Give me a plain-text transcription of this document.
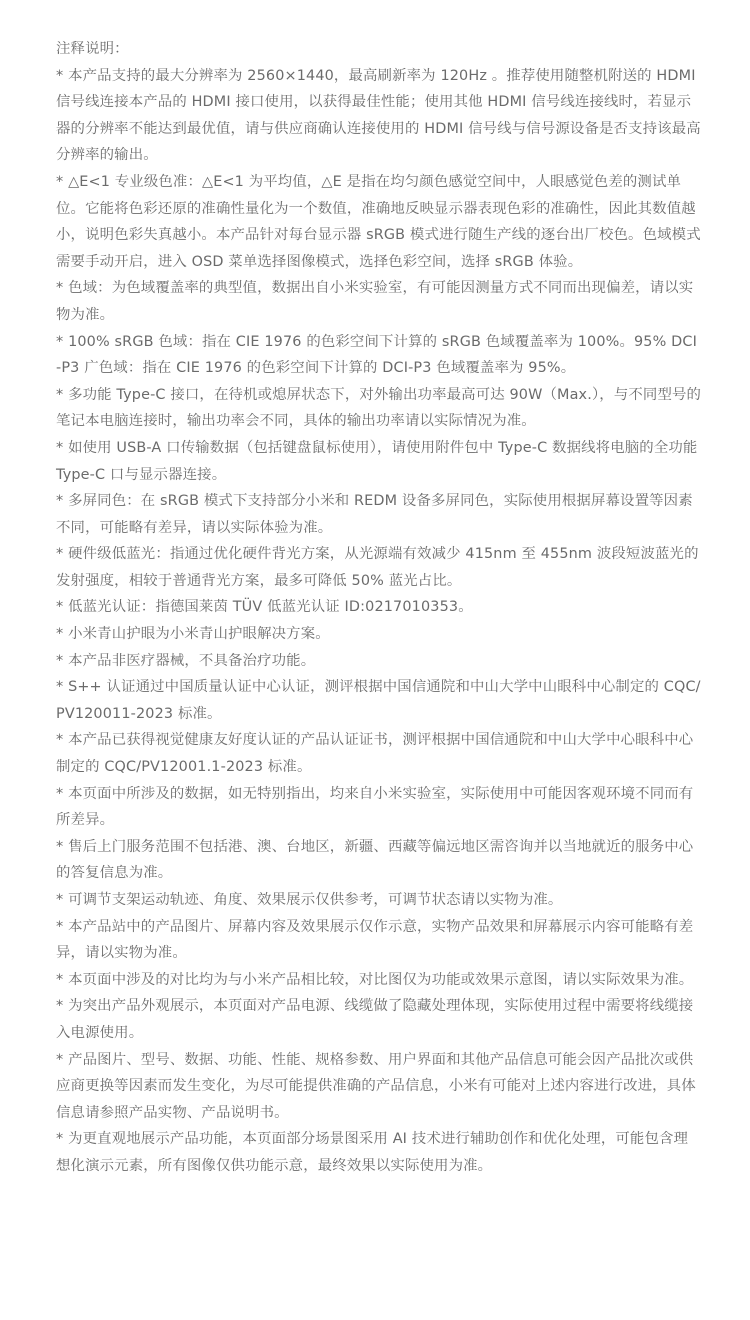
注释说明：

* 本产品支持的最大分辨率为 2560×1440，最高刷新率为 120Hz 。推荐使用随整机附送的 HDMI 信号线连接本产品的 HDMI 接口使用，以获得最佳性能；使用其他 HDMI 信号线连接线时，若显示器的分辨率不能达到最优值，请与供应商确认连接使用的 HDMI 信号线与信号源设备是否支持该最高分辨率的输出。

* △E<1 专业级色准：△E<1 为平均值，△E 是指在均匀颜色感觉空间中，人眼感觉色差的测试单位。它能将色彩还原的准确性量化为一个数值，准确地反映显示器表现色彩的准确性，因此其数值越小，说明色彩失真越小。本产品针对每台显示器 sRGB 模式进行随生产线的逐台出厂校色。色域模式需要手动开启，进入 OSD 菜单选择图像模式，选择色彩空间，选择 sRGB 体验。

* 色域：为色域覆盖率的典型值，数据出自小米实验室，有可能因测量方式不同而出现偏差，请以实物为准。

* 100% sRGB 色域：指在 CIE 1976 的色彩空间下计算的 sRGB 色域覆盖率为 100%。95% DCI-P3 广色域：指在 CIE 1976 的色彩空间下计算的 DCI-P3 色域覆盖率为 95%。

* 多功能 Type-C 接口，在待机或熄屏状态下，对外输出功率最高可达 90W（Max.），与不同型号的笔记本电脑连接时，输出功率会不同，具体的输出功率请以实际情况为准。

* 如使用 USB-A 口传输数据（包括键盘鼠标使用），请使用附件包中 Type-C 数据线将电脑的全功能 Type-C 口与显示器连接。

* 多屏同色：在 sRGB 模式下支持部分小米和 REDM 设备多屏同色，实际使用根据屏幕设置等因素不同，可能略有差异，请以实际体验为准。

* 硬件级低蓝光：指通过优化硬件背光方案，从光源端有效减少 415nm 至 455nm 波段短波蓝光的发射强度，相较于普通背光方案，最多可降低 50% 蓝光占比。

* 低蓝光认证：指德国莱茵 TÜV 低蓝光认证 ID:0217010353。

* 小米青山护眼为小米青山护眼解决方案。

* 本产品非医疗器械，不具备治疗功能。

* S++ 认证通过中国质量认证中心认证，测评根据中国信通院和中山大学中山眼科中心制定的 CQC/PV120011-2023 标准。

* 本产品已获得视觉健康友好度认证的产品认证证书，测评根据中国信通院和中山大学中心眼科中心制定的 CQC/PV12001.1-2023 标准。

* 本页面中所涉及的数据，如无特别指出，均来自小米实验室，实际使用中可能因客观环境不同而有所差异。

* 售后上门服务范围不包括港、澳、台地区，新疆、西藏等偏远地区需咨询并以当地就近的服务中心的答复信息为准。

* 可调节支架运动轨迹、角度、效果展示仅供参考，可调节状态请以实物为准。

* 本产品站中的产品图片、屏幕内容及效果展示仅作示意，实物产品效果和屏幕展示内容可能略有差异，请以实物为准。

* 本页面中涉及的对比均为与小米产品相比较，对比图仅为功能或效果示意图，请以实际效果为准。

* 为突出产品外观展示，本页面对产品电源、线缆做了隐藏处理体现，实际使用过程中需要将线缆接入电源使用。

* 产品图片、型号、数据、功能、性能、规格参数、用户界面和其他产品信息可能会因产品批次或供应商更换等因素而发生变化，为尽可能提供准确的产品信息，小米有可能对上述内容进行改进，具体信息请参照产品实物、产品说明书。

* 为更直观地展示产品功能，本页面部分场景图采用 AI 技术进行辅助创作和优化处理，可能包含理想化演示元素，所有图像仅供功能示意，最终效果以实际使用为准。
